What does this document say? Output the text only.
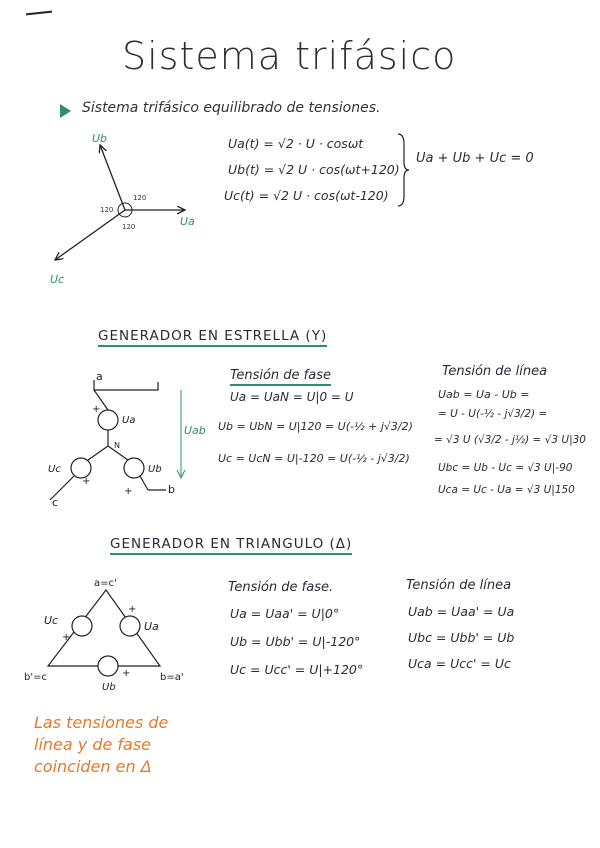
Sistema trifásico
Sistema trifásico equilibrado de tensiones.
Ub
Ua
Uc
120
120
120
Ua(t) = √2 · U · cosωt
Ub(t) = √2 U · cos(ωt+120)
Uc(t) = √2 U · cos(ωt-120)
Ua + Ub + Uc = 0
GENERADOR EN ESTRELLA (Y)
a
N
c
b
Ua
Uc	Ub
Uab
+
+
+
Tensión de fase
Ua = UaN = U|0 = U
Ub = UbN = U|120 = U(-½ + j√3/2)
Uc = UcN = U|-120 = U(-½ - j√3/2)
Tensión de línea
Uab = Ua - Ub =
= U - U(-½ - j√3/2) =
= √3 U (√3/2 - j½) = √3 U|30
Ubc = Ub - Uc = √3 U|-90
Uca = Uc - Ua = √3 U|150
GENERADOR EN TRIANGULO (Δ)
a=c'
b'=c	b=a'
Uc	Ua
Ub
+
+
+
Tensión de fase.
Ua = Uaa' = U|0°
Ub = Ubb' = U|-120°
Uc = Ucc' = U|+120°
Tensión de línea
Uab = Uaa' = Ua
Ubc = Ubb' = Ub
Uca = Ucc' = Uc
Las tensiones de línea y de fase coinciden en Δ
